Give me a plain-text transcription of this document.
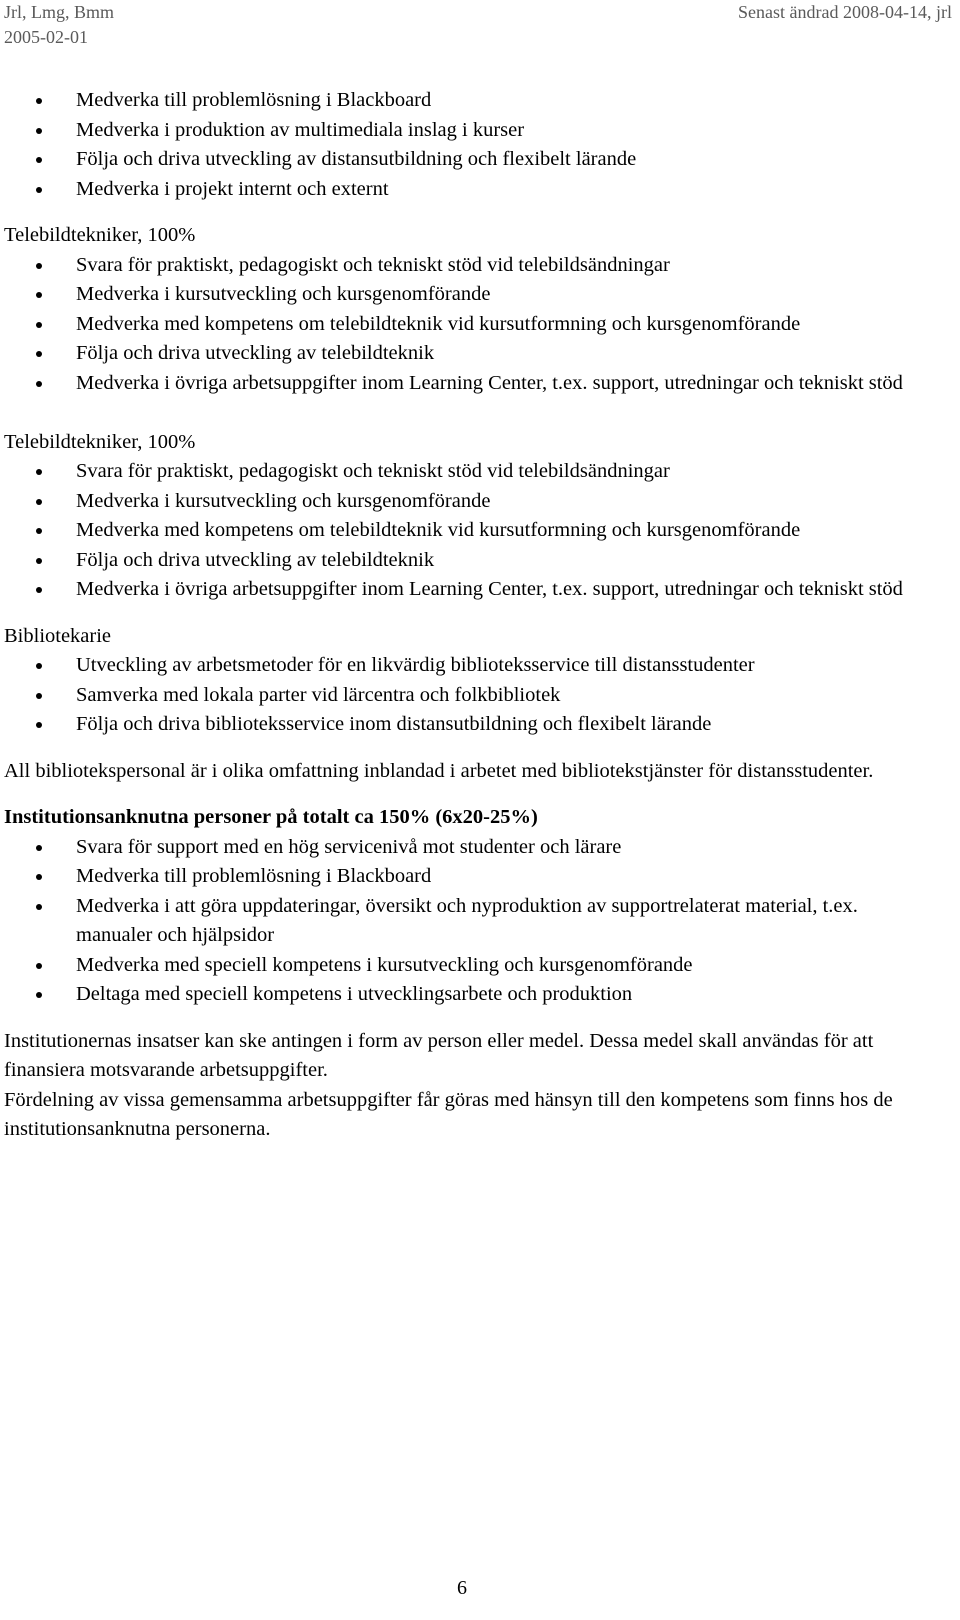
Jrl, Lmg, Bmm
2005-02-01
Senast ändrad 2008-04-14, jrl
Medverka till problemlösning i Blackboard
Medverka i produktion av multimediala inslag i kurser
Följa och driva utveckling av distansutbildning och flexibelt lärande
Medverka i projekt internt och externt
Telebildtekniker, 100%
Svara för praktiskt, pedagogiskt och tekniskt stöd vid telebildsändningar
Medverka i kursutveckling och kursgenomförande
Medverka med kompetens om telebildteknik vid kursutformning och kursgenomförande
Följa och driva utveckling av telebildteknik
Medverka i övriga arbetsuppgifter inom Learning Center, t.ex. support, utredningar och tekniskt stöd
Telebildtekniker, 100%
Svara för praktiskt, pedagogiskt och tekniskt stöd vid telebildsändningar
Medverka i kursutveckling och kursgenomförande
Medverka med kompetens om telebildteknik vid kursutformning och kursgenomförande
Följa och driva utveckling av telebildteknik
Medverka i övriga arbetsuppgifter inom Learning Center, t.ex. support, utredningar och tekniskt stöd
Bibliotekarie
Utveckling av arbetsmetoder för en likvärdig biblioteksservice till distansstudenter
Samverka med lokala parter vid lärcentra och folkbibliotek
Följa och driva biblioteksservice inom distansutbildning och flexibelt lärande

All bibliotekspersonal är i olika omfattning inblandad i arbetet med bibliotekstjänster för distansstudenter.

Institutionsanknutna personer på totalt ca 150% (6x20-25%)
Svara för support med en hög servicenivå mot studenter och lärare
Medverka till problemlösning i Blackboard
Medverka i att göra uppdateringar, översikt och nyproduktion av supportrelaterat material, t.ex. manualer och hjälpsidor
Medverka med speciell kompetens i kursutveckling och kursgenomförande
Deltaga med speciell kompetens i utvecklingsarbete och produktion

Institutionernas insatser kan ske antingen i form av person eller medel. Dessa medel skall användas för att finansiera motsvarande arbetsuppgifter.

Fördelning av vissa gemensamma arbetsuppgifter får göras med hänsyn till den kompetens som finns hos de institutionsanknutna personerna.

6
